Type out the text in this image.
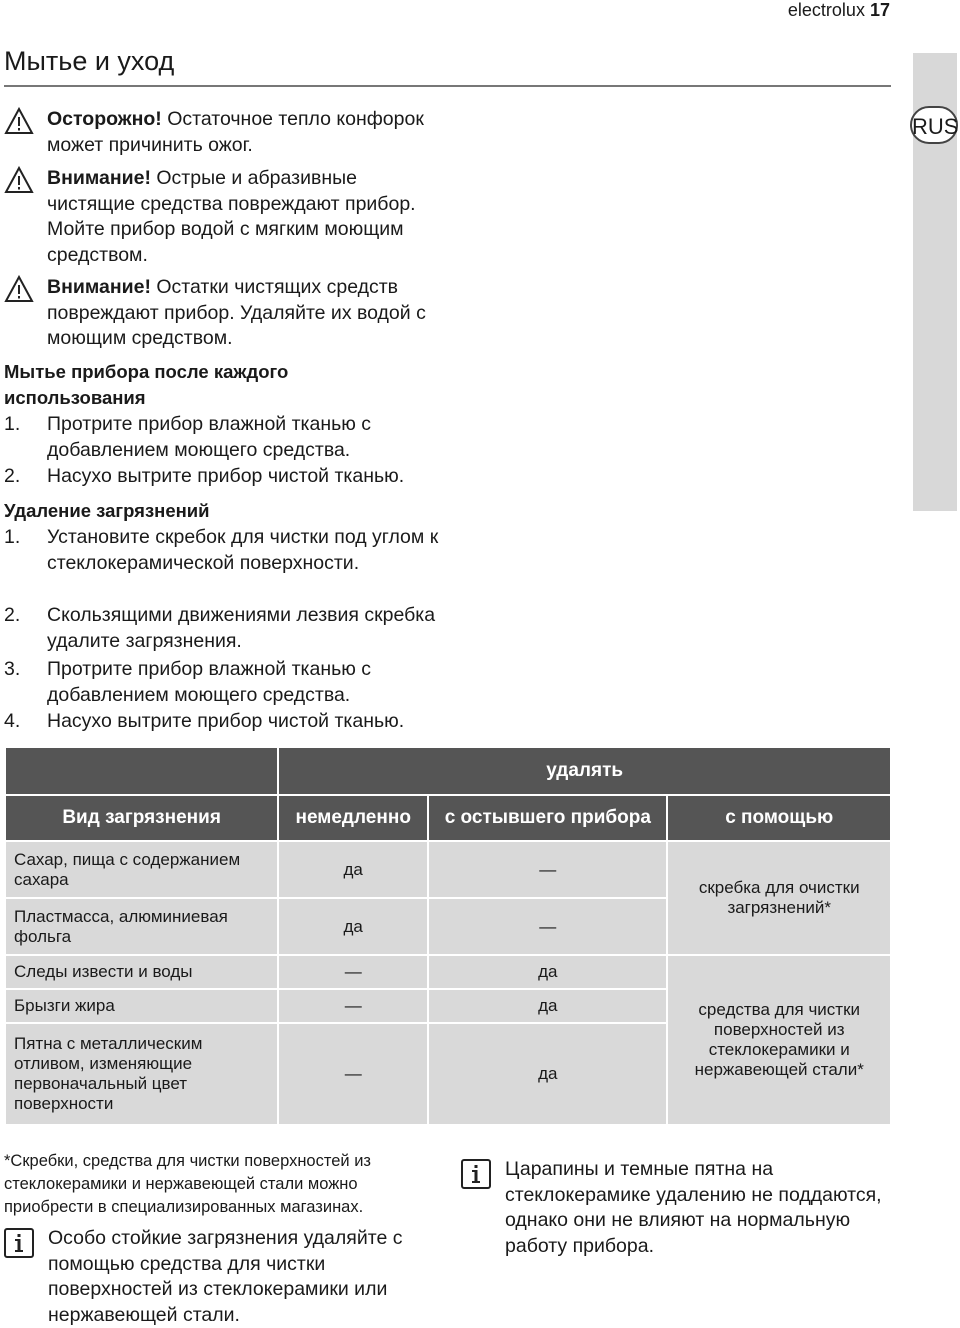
electrolux 17
Мытье и уход
RUS
Осторожно! Остаточное тепло конфорок может причинить ожог.
Внимание! Острые и абразивные чистящие средства повреждают прибор. Мойте прибор водой с мягким моющим средством.
Внимание! Остатки чистящих средств повреждают прибор. Удаляйте их водой с моющим средством.
Мытье прибора после каждого использования
1. Протрите прибор влажной тканью с добавлением моющего средства.
2. Насухо вытрите прибор чистой тканью.
Удаление загрязнений
1. Установите скребок для чистки под углом к стеклокерамической поверхности.
2. Скользящими движениями лезвия скребка удалите загрязнения.
3. Протрите прибор влажной тканью с добавлением моющего средства.
4. Насухо вытрите прибор чистой тканью.
	удалять		
Вид загрязнения	немедленно	с остывшего прибора	с помощью
Сахар, пища с содержанием сахара	да	—	скребка для очистки загрязнений*
Пластмасса, алюминиевая фольга	да	—	
Следы извести и воды	—	да	средства для чистки поверхностей из стеклокерамики и нержавеющей стали*
Брызги жира	—	да	
Пятна с металлическим отливом, изменяющие первоначальный цвет поверхности	—	да	
*Скребки, средства для чистки поверхностей из стеклокерамики и нержавеющей стали можно приобрести в специализированных магазинах.
Особо стойкие загрязнения удаляйте с помощью средства для чистки поверхностей из стеклокерамики или нержавеющей стали.
Царапины и темные пятна на стеклокерамике удалению не поддаются, однако они не влияют на нормальную работу прибора.
